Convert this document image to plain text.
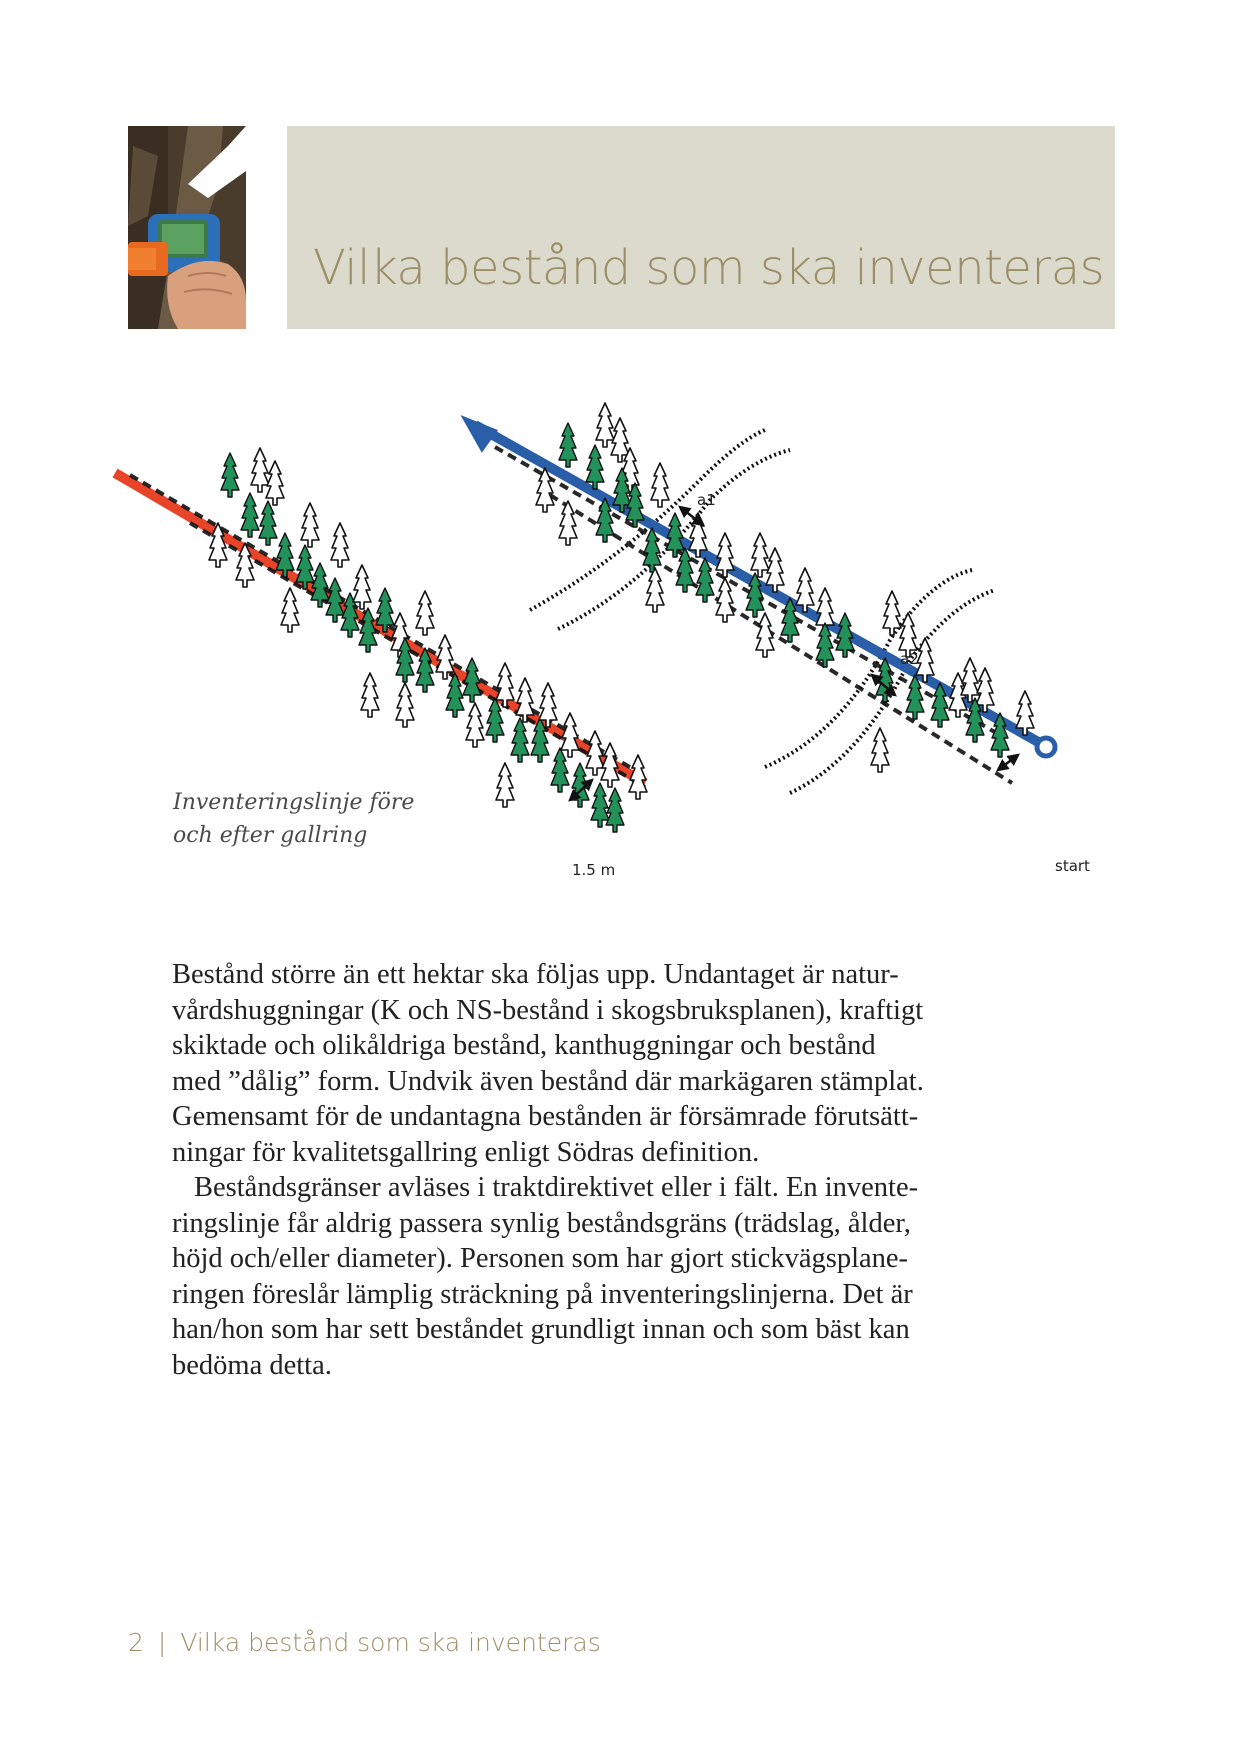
Vilka bestånd som ska inventeras
1.5 m
a1
a2
start
Inventeringslinje före
och efter gallring

Bestånd större än ett hektar ska följas upp. Undantaget är natur-
vårdshuggningar (K och NS-bestånd i skogsbruksplanen), kraftigt
skiktade och olikåldriga bestånd, kanthuggningar och bestånd
med ”dålig” form. Undvik även bestånd där markägaren stämplat.
Gemensamt för de undantagna bestånden är försämrade förutsätt-
ningar för kvalitetsgallring enligt Södras definition.

Beståndsgränser avläses i traktdirektivet eller i fält. En invente-
ringslinje får aldrig passera synlig beståndsgräns (trädslag, ålder,
höjd och/eller diameter). Personen som har gjort stickvägsplane-
ringen föreslår lämplig sträckning på inventeringslinjerna. Det är
han/hon som har sett beståndet grundligt innan och som bäst kan
bedöma detta.

2 | Vilka bestånd som ska inventeras
